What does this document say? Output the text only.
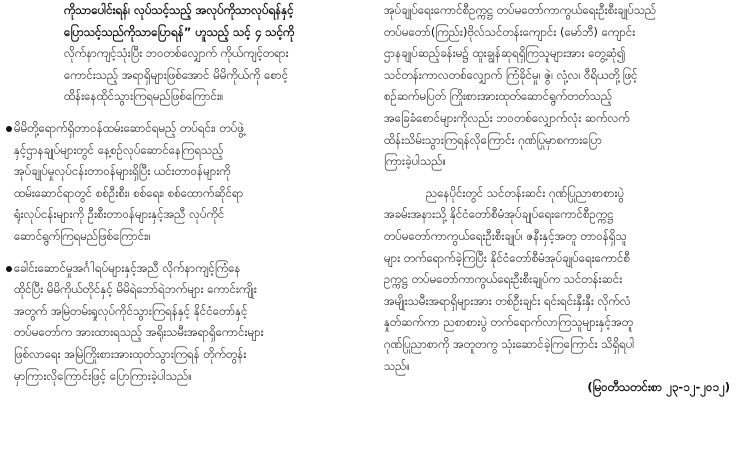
ကိုသာပေါင်းရန်၊ လုပ်သင့်သည့် အလုပ်ကိုသာလုပ်ရန်နှင့်
ပြောသင့်သည်ကိုသာပြောရန်” ဟူသည့် သင့် ၄ သင့်ကို
လိုက်နာကျင့်သုံးပြီး ဘဝတစ်လျှောက် ကိုယ်ကျင့်တရား
ကောင်းသည့် အရာရှိများဖြစ်အောင် မိမိကိုယ်ကို စောင့်
ထိန်းနေထိုင်သွားကြရမည်ဖြစ်ကြောင်း။
မိမိတို့ရောက်ရှိတာဝန်ထမ်းဆောင်ရမည့် တပ်ရင်း၊ တပ်ဖွဲ့
နှင့်ဌာနချုပ်များတွင် နေ့စဉ်လုပ်ဆောင်နေကြရသည့်
အုပ်ချုပ်မှုလုပ်ငန်းတာဝန်များရှိပြီး ယင်းတာဝန်များကို
ထမ်းဆောင်ရာတွင် စစ်ဦးစီး၊ စစ်ရေး၊ စစ်ထောက်ဆိုင်ရာ
ရုံးလုပ်ငန်းများကို ဦးစီးတာဝန်များနှင့်အညီ လုပ်ကိုင်
ဆောင်ရွက်ကြရမည်ဖြစ်ကြောင်း။
ခေါင်းဆောင်မှုအင်္ဂါရပ်များနှင့်အညီ လိုက်နာကျင့်ကြံနေ
ထိုင်ပြီး မိမိကိုယ်တိုင်နှင့် မိမိရဲဘော်ရဲဘက်များ ကောင်းကျိုး
အတွက် အမြဲတမ်းရှုလုပ်ကိုင်သွားကြရန်နှင့် နိုင်ငံတော်နှင့်
တပ်မတော်က အားထားရသည့် အရိုးသမီးအရာရှိကောင်းများ
ဖြစ်လာရေး အမြဲကြိုးစားအားထုတ်သွားကြရန် တိုက်တွန်း
မှာကြားလိုကြောင်းဖြင့် ပြောကြားခဲ့ပါသည်။
အုပ်ချုပ်ရေးကောင်စီဥက္ကဋ္ဌ တပ်မတော်ကာကွယ်ရေးဦးစီးချုပ်သည်
တပ်မတော်(ကြည်း)ဗိုလ်သင်တန်းကျောင်း (မော်ဘီ) ကျောင်း
ဌာနချုပ်ဆည့်ခန်းမ၌ ထူးချွန်ဆုရရှိကြသူများအား တွေ့ဆုံ၍
သင်တန်းကာလတစ်လျှောက် ကြံခိုင်မှု၊ ဇွဲ၊ လုံ့လ၊ ဝီရိယတို့ဖြင့်
စဉ်ဆက်မပြတ် ကြိုးစားအားထုတ်ဆောင်ရွက်တတ်သည့်
အခြေခံစောင်များကိုလည်း ဘဝတစ်လျှောက်လုံး ဆက်လက်
ထိန်းသိမ်းသွားကြရန်လိုကြောင်း ဂုဏ်ပြုမှာစကားပြော
ကြားခဲ့ပါသည်။
ညနေပိုင်းတွင် သင်တန်းဆင်း ဂုဏ်ပြုညာစာစားပွဲ
အခမ်းအနားသို့ နိုင်ငံတော်စီမံအုပ်ချုပ်ရေးကောင်စီဥက္ကဋ္ဌ
တပ်မတော်ကာကွယ်ရေးဦးစီးချုပ်၊ ဇနီးနှင့်အတူ တာဝန်ရှိသူ
များ တက်ရောက်ခဲ့ကြပြီး နိုင်ငံတော်စီမံအုပ်ချုပ်ရေးကောင်စီ
ဥက္ကဋ္ဌ တပ်မတော်ကာကွယ်ရေးဦးစီးချုပ်က သင်တန်းဆင်း
အမျိုးသမီးအရာရှိများအား တစ်ဦးချင်း ရင်းရင်းနှီးနှီး လိုက်လံ
နှုတ်ဆက်ကာ ညစာစားပွဲ တက်ရောက်လာကြသူများနှင့်အတူ
ဂုဏ်ပြုညာစာကို အတူတကွ သုံးဆောင်ခဲ့ကြကြောင်း သိရှိရပါ
သည်။
(မြဝတီသတင်းစာ ၂၃-၁၂-၂၀၁၂)
